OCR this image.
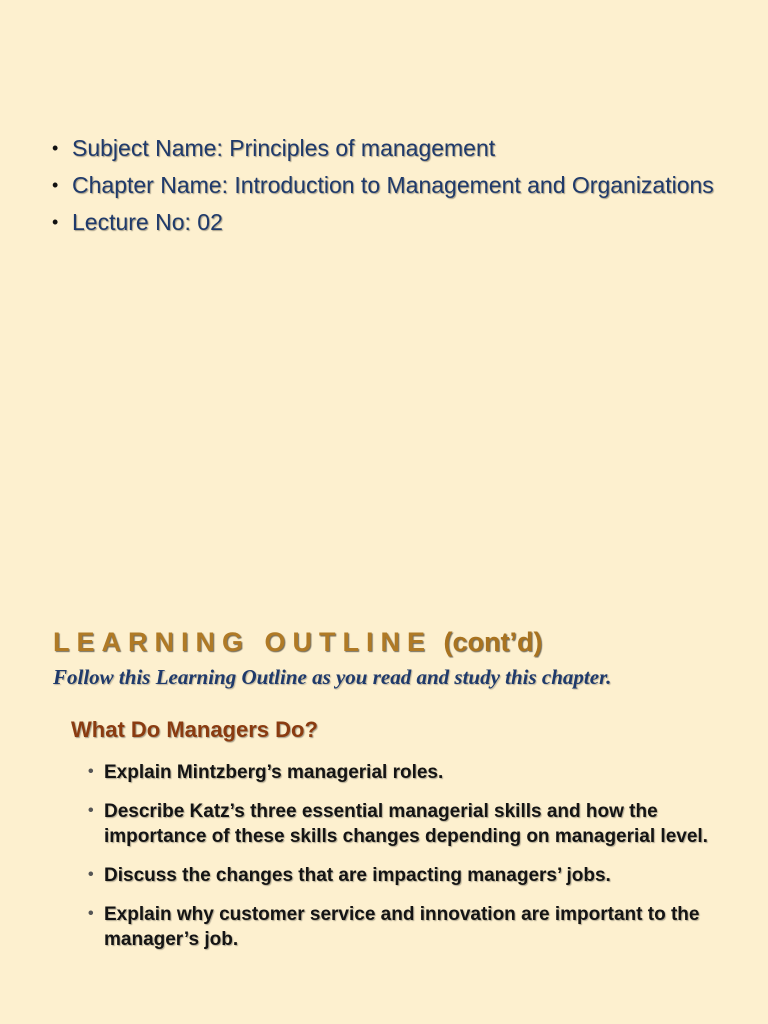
• Subject Name: Principles of management
• Chapter Name: Introduction to Management and Organizations
• Lecture No: 02
LEARNING OUTLINE (cont’d)
Follow this Learning Outline as you read and study this chapter.
What Do Managers Do?
• Explain Mintzberg’s managerial roles.
• Describe Katz’s three essential managerial skills and how the importance of these skills changes depending on managerial level.
• Discuss the changes that are impacting managers’ jobs.
• Explain why customer service and innovation are important to the manager’s job.
